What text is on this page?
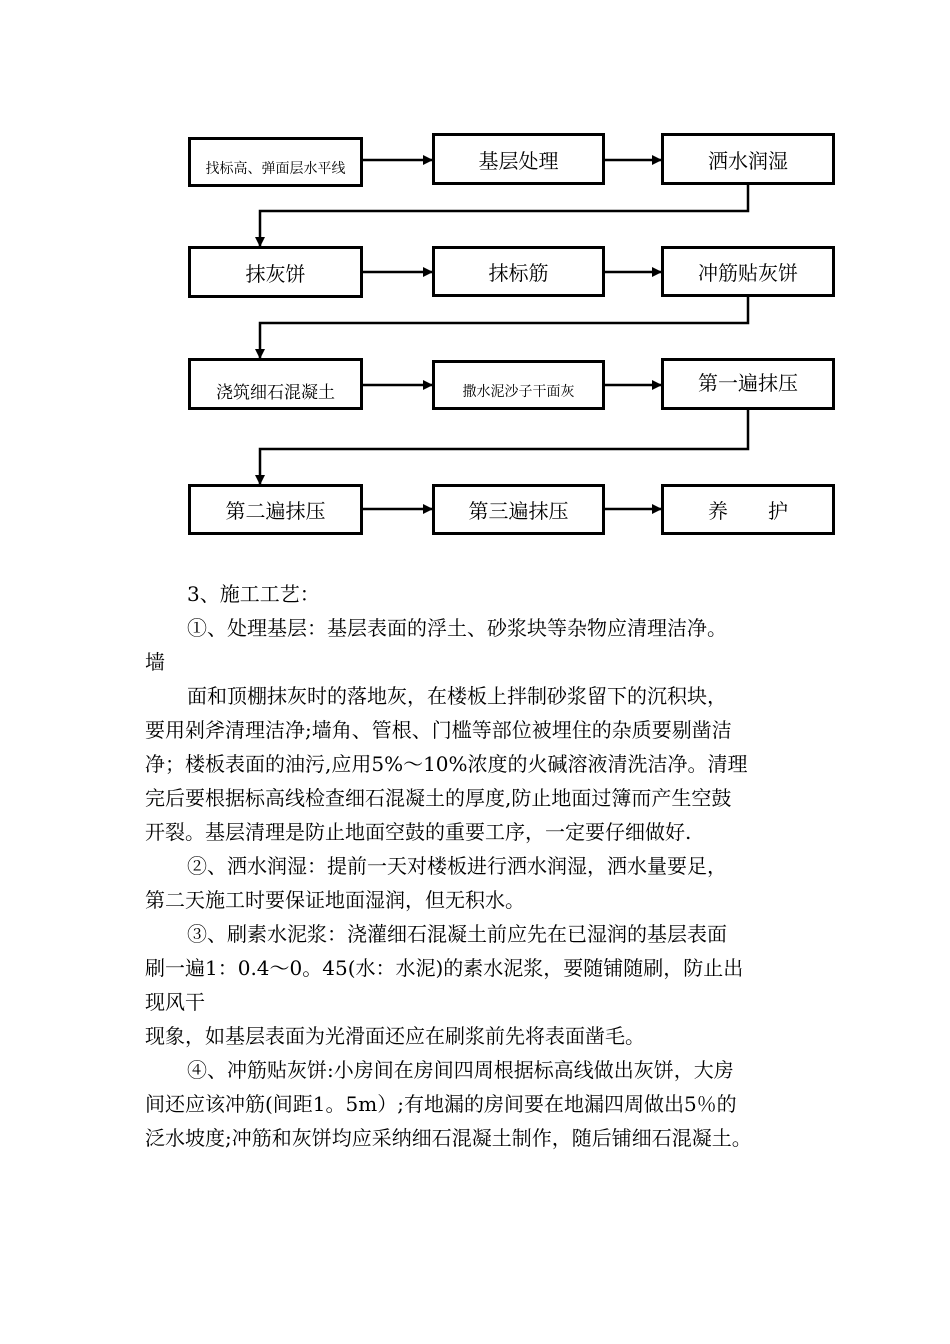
找标高、弹面层水平线	基层处理	洒水润湿
抹灰饼	抹标筋	冲筋贴灰饼
浇筑细石混凝土	撒水泥沙子干面灰	第一遍抹压
第二遍抹压	第三遍抹压	养　　护
3、施工工艺：
①、处理基层：基层表面的浮土、砂浆块等杂物应清理洁净。
墙
面和顶棚抹灰时的落地灰，在楼板上拌制砂浆留下的沉积块，
要用剁斧清理洁净;墙角、管根、门槛等部位被埋住的杂质要剔凿洁
净；楼板表面的油污,应用5%～10%浓度的火碱溶液清洗洁净。清理
完后要根据标高线检查细石混凝土的厚度,防止地面过簿而产生空鼓
开裂。基层清理是防止地面空鼓的重要工序，一定要仔细做好.
②、洒水润湿：提前一天对楼板进行洒水润湿，洒水量要足，
第二天施工时要保证地面湿润，但无积水。
③、刷素水泥浆：浇灌细石混凝土前应先在已湿润的基层表面
刷一遍1：0.4～0。45(水：水泥)的素水泥浆，要随铺随刷，防止出
现风干
现象，如基层表面为光滑面还应在刷浆前先将表面凿毛。
④、冲筋贴灰饼:小房间在房间四周根据标高线做出灰饼，大房
间还应该冲筋(间距1。5m）;有地漏的房间要在地漏四周做出5％的
泛水坡度;冲筋和灰饼均应采纳细石混凝土制作，随后铺细石混凝土。
